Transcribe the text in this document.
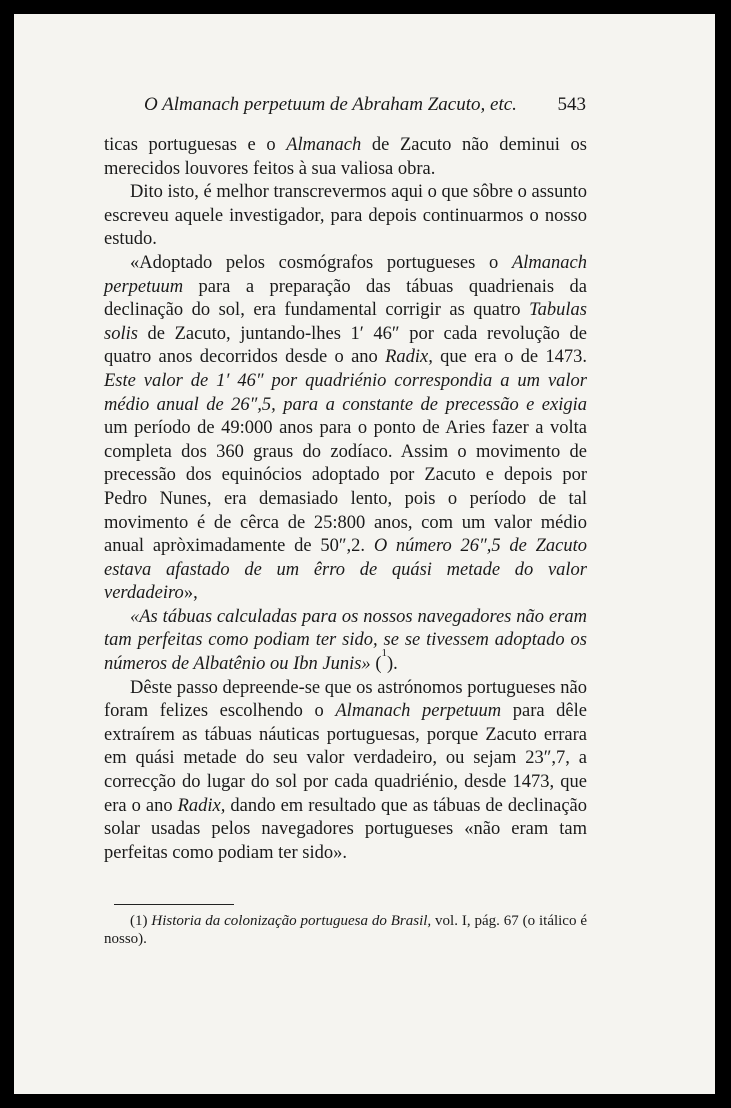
O Almanach perpetuum de Abraham Zacuto, etc. 543

ticas portuguesas e o Almanach de Zacuto não deminui os merecidos louvores feitos à sua valiosa obra.

Dito isto, é melhor transcrevermos aqui o que sôbre o assunto escreveu aquele investigador, para depois continuarmos o nosso estudo.

«Adoptado pelos cosmógrafos portugueses o Almanach perpetuum para a preparação das tábuas quadrienais da declinação do sol, era fundamental corrigir as quatro Tabulas solis de Zacuto, juntando-lhes 1′ 46″ por cada revolução de quatro anos decorridos desde o ano Radix, que era o de 1473. Este valor de 1′ 46″ por quadriénio correspondia a um valor médio anual de 26″,5, para a constante de precessão e exigia um período de 49:000 anos para o ponto de Aries fazer a volta completa dos 360 graus do zodíaco. Assim o movimento de precessão dos equinócios adoptado por Zacuto e depois por Pedro Nunes, era demasiado lento, pois o período de tal movimento é de cêrca de 25:800 anos, com um valor médio anual apròximadamente de 50″,2. O número 26″,5 de Zacuto estava afastado de um êrro de quási metade do valor verdadeiro»,

«As tábuas calculadas para os nossos navegadores não eram tam perfeitas como podiam ter sido, se se tivessem adoptado os números de Albatênio ou Ibn Junis» ($^1$).

Dêste passo depreende-se que os astrónomos portugueses não foram felizes escolhendo o Almanach perpetuum para dêle extraírem as tábuas náuticas portuguesas, porque Zacuto errara em quási metade do seu valor verdadeiro, ou sejam 23″,7, a correcção do lugar do sol por cada quadriénio, desde 1473, que era o ano Radix, dando em resultado que as tábuas de declinação solar usadas pelos navegadores portugueses «não eram tam perfeitas como podiam ter sido».

(1) Historia da colonização portuguesa do Brasil, vol. I, pág. 67 (o itálico é nosso).
